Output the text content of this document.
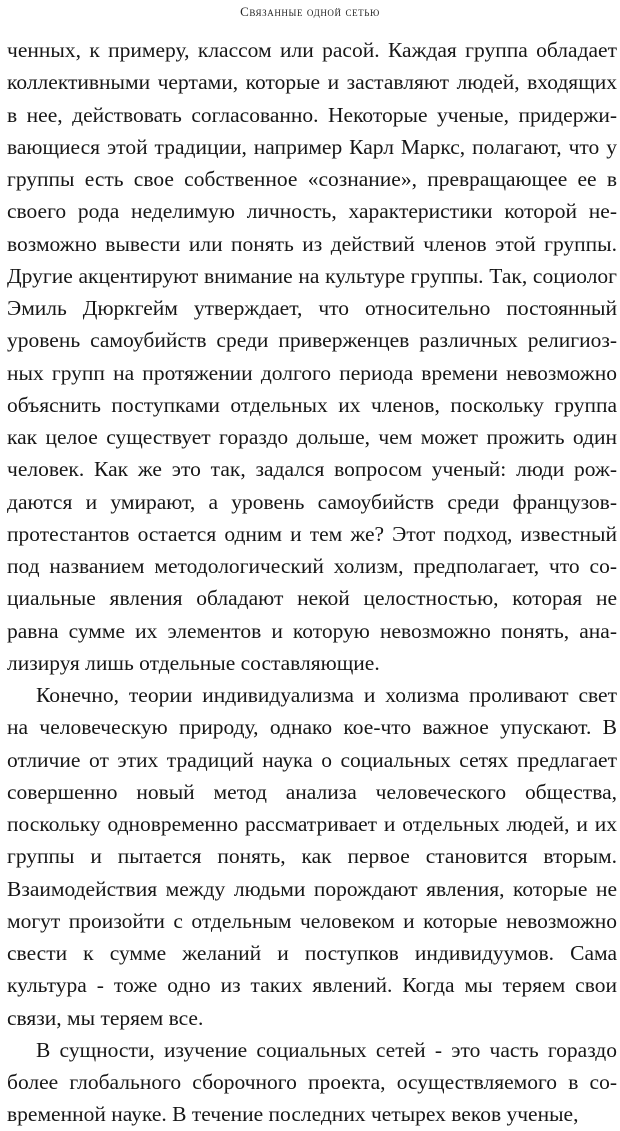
Связанные одной сетью
ченных, к примеру, классом или расой. Каждая группа обладает
коллективными чертами, которые и заставляют людей, входящих
в нее, действовать согласованно. Некоторые ученые, придержи-
вающиеся этой традиции, например Карл Маркс, полагают, что у
группы есть свое собственное «сознание», превращающее ее в
своего рода неделимую личность, характеристики которой не-
возможно вывести или понять из действий членов этой группы.
Другие акцентируют внимание на культуре группы. Так, социолог
Эмиль Дюркгейм утверждает, что относительно постоянный
уровень самоубийств среди приверженцев различных религиоз-
ных групп на протяжении долгого периода времени невозможно
объяснить поступками отдельных их членов, поскольку группа
как целое существует гораздо дольше, чем может прожить один
человек. Как же это так, задался вопросом ученый: люди рож-
даются и умирают, а уровень самоубийств среди французов-
протестантов остается одним и тем же? Этот подход, известный
под названием методологический холизм, предполагает, что со-
циальные явления обладают некой целостностью, которая не
равна сумме их элементов и которую невозможно понять, ана-
лизируя лишь отдельные составляющие.
Конечно, теории индивидуализма и холизма проливают свет
на человеческую природу, однако кое-что важное упускают. В
отличие от этих традиций наука о социальных сетях предлагает
совершенно новый метод анализа человеческого общества,
поскольку одновременно рассматривает и отдельных людей, и их
группы и пытается понять, как первое становится вторым.
Взаимодействия между людьми порождают явления, которые не
могут произойти с отдельным человеком и которые невозможно
свести к сумме желаний и поступков индивидуумов. Сама
культура - тоже одно из таких явлений. Когда мы теряем свои
связи, мы теряем все.
В сущности, изучение социальных сетей - это часть гораздо
более глобального сборочного проекта, осуществляемого в со-
временной науке. В течение последних четырех веков ученые,
